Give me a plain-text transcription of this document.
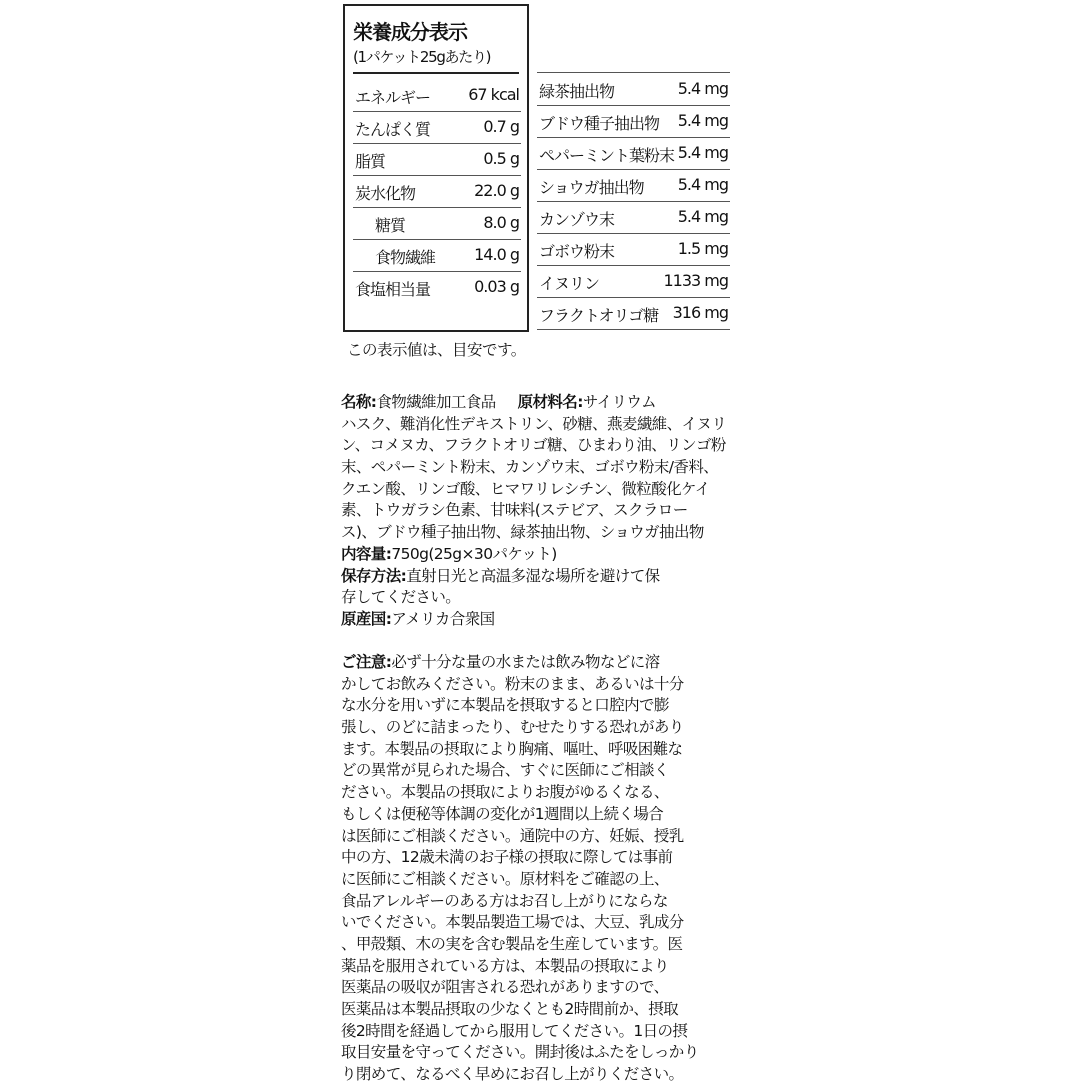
栄養成分表示
(1パケット25gあたり)
エネルギー 67 kcal
たんぱく質	0.7 g
脂質	0.5 g
炭水化物	22.0 g
糖質	8.0 g
食物繊維 14.0 g
食塩相当量	0.03 g
緑茶抽出物	5.4 mg
ブドウ種子抽出物 5.4 mg
ペパーミント葉粉末 5.4 mg
ショウガ抽出物 5.4 mg
カンゾウ末	5.4 mg
ゴボウ粉末	1.5 mg
イヌリン	1133 mg
フラクトオリゴ糖 316 mg
この表示値は、目安です。
名称:食物繊維加工食品 原材料名:サイリウム
ハスク、難消化性デキストリン、砂糖、燕麦繊維、イヌリ
ン、コメヌカ、フラクトオリゴ糖、ひまわり油、リンゴ粉
末、ペパーミント粉末、カンゾウ末、ゴボウ粉末/香料、
クエン酸、リンゴ酸、ヒマワリレシチン、微粒酸化ケイ
素、トウガラシ色素、甘味料(ステビア、スクラロー
ス)、ブドウ種子抽出物、緑茶抽出物、ショウガ抽出物
内容量:750g(25g×30パケット)
保存方法:直射日光と高温多湿な場所を避けて保
存してください。
原産国:アメリカ合衆国
ご注意:必ず十分な量の水または飲み物などに溶
かしてお飲みください。粉末のまま、あるいは十分
な水分を用いずに本製品を摂取すると口腔内で膨
張し、のどに詰まったり、むせたりする恐れがあり
ます。本製品の摂取により胸痛、嘔吐、呼吸困難な
どの異常が見られた場合、すぐに医師にご相談く
ださい。本製品の摂取によりお腹がゆるくなる、
もしくは便秘等体調の変化が1週間以上続く場合
は医師にご相談ください。通院中の方、妊娠、授乳
中の方、12歳未満のお子様の摂取に際しては事前
に医師にご相談ください。原材料をご確認の上、
食品アレルギーのある方はお召し上がりにならな
いでください。本製品製造工場では、大豆、乳成分
、甲殻類、木の実を含む製品を生産しています。医
薬品を服用されている方は、本製品の摂取により
医薬品の吸収が阻害される恐れがありますので、
医薬品は本製品摂取の少なくとも2時間前か、摂取
後2時間を経過してから服用してください。1日の摂
取目安量を守ってください。開封後はふたをしっかり
り閉めて、なるべく早めにお召し上がりください。
